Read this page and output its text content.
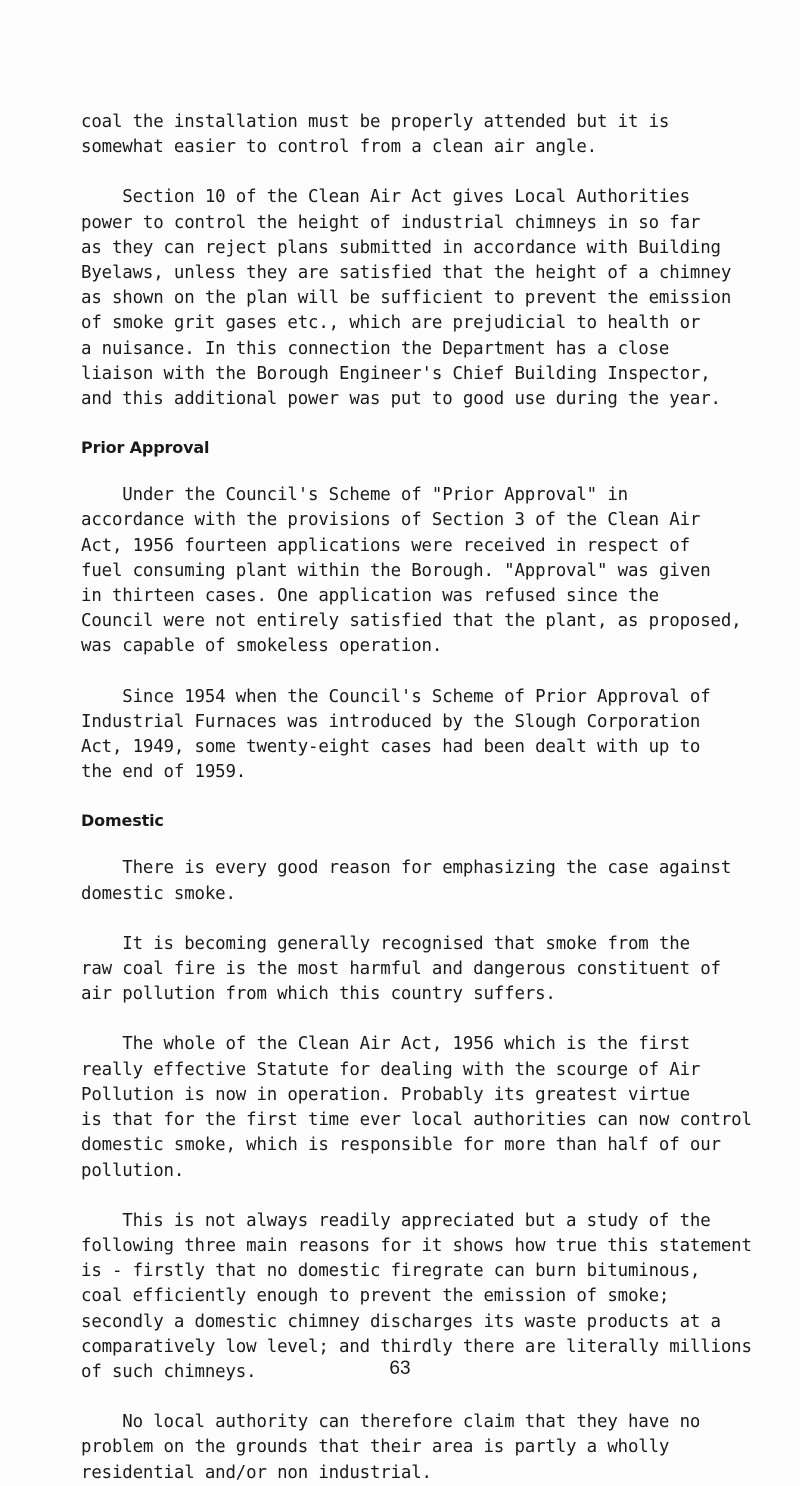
coal the installation must be properly attended but it is

somewhat easier to control from a clean air angle.

Section 10 of the Clean Air Act gives Local Authorities

power to control the height of industrial chimneys in so far

as they can reject plans submitted in accordance with Building

Byelaws, unless they are satisfied that the height of a chimney

as shown on the plan will be sufficient to prevent the emission

of smoke grit gases etc., which are prejudicial to health or

a nuisance. In this connection the Department has a close

liaison with the Borough Engineer's Chief Building Inspector,

and this additional power was put to good use during the year.

Prior Approval

Under the Council's Scheme of "Prior Approval" in

accordance with the provisions of Section 3 of the Clean Air

Act, 1956 fourteen applications were received in respect of

fuel consuming plant within the Borough. "Approval" was given

in thirteen cases. One application was refused since the

Council were not entirely satisfied that the plant, as proposed,

was capable of smokeless operation.

Since 1954 when the Council's Scheme of Prior Approval of

Industrial Furnaces was introduced by the Slough Corporation

Act, 1949, some twenty-eight cases had been dealt with up to

the end of 1959.

Domestic

There is every good reason for emphasizing the case against

domestic smoke.

It is becoming generally recognised that smoke from the

raw coal fire is the most harmful and dangerous constituent of

air pollution from which this country suffers.

The whole of the Clean Air Act, 1956 which is the first

really effective Statute for dealing with the scourge of Air

Pollution is now in operation. Probably its greatest virtue

is that for the first time ever local authorities can now control

domestic smoke, which is responsible for more than half of our

pollution.

This is not always readily appreciated but a study of the

following three main reasons for it shows how true this statement

is - firstly that no domestic firegrate can burn bituminous,

coal efficiently enough to prevent the emission of smoke;

secondly a domestic chimney discharges its waste products at a

comparatively low level; and thirdly there are literally millions

of such chimneys.

No local authority can therefore claim that they have no

problem on the grounds that their area is partly a wholly

residential and/or non industrial.

63
